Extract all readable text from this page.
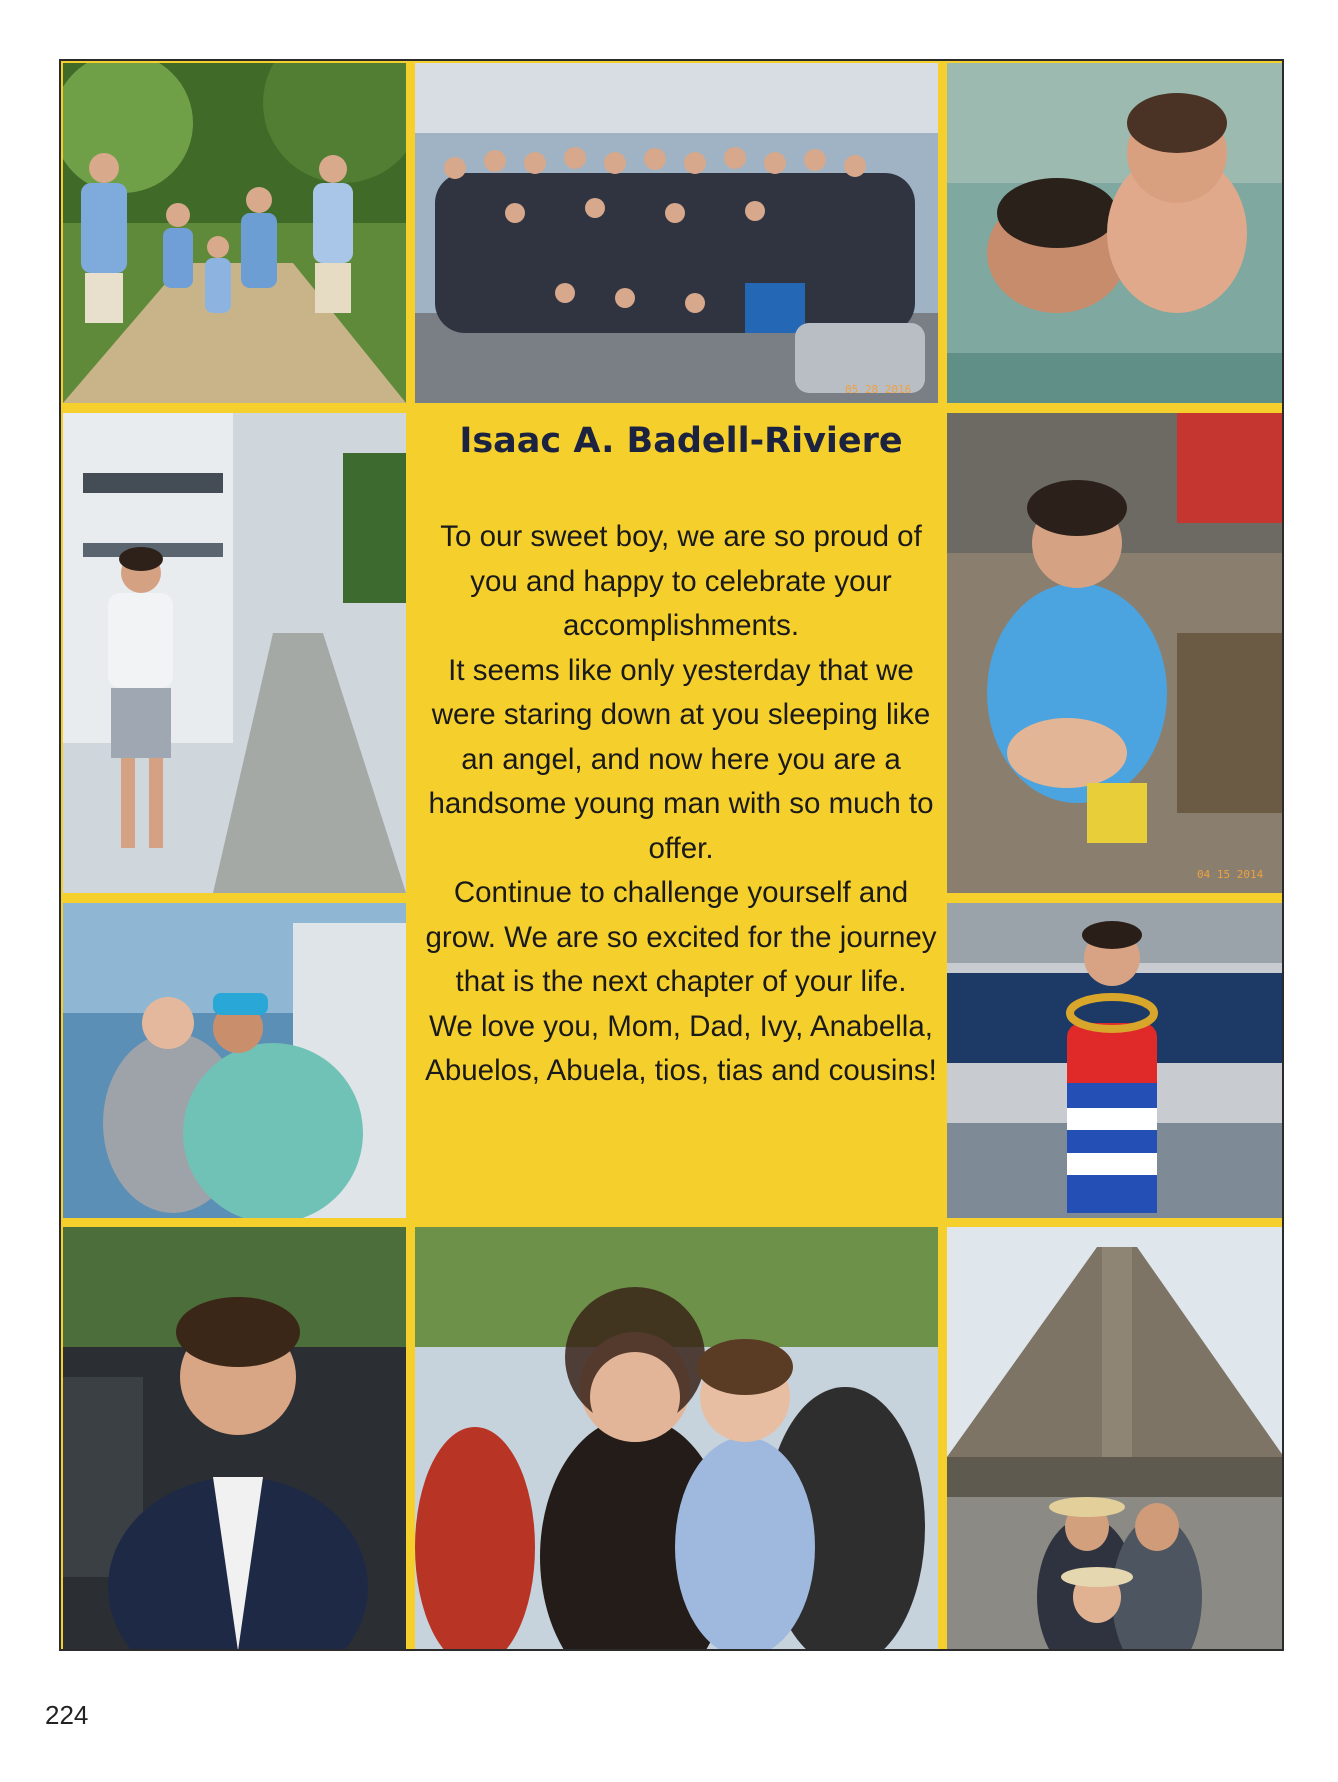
05 28 2016
04 15 2014
Isaac A. Badell-Riviere
To our sweet boy, we are so proud of you and happy to celebrate your accomplishments.
It seems like only yesterday that we were staring down at you sleeping like an angel, and now here you are a handsome young man with so much to offer.
Continue to challenge yourself and grow. We are so excited for the journey that is the next chapter of your life.
We love you, Mom, Dad, Ivy, Anabella, Abuelos, Abuela, tios, tias and cousins!
224
